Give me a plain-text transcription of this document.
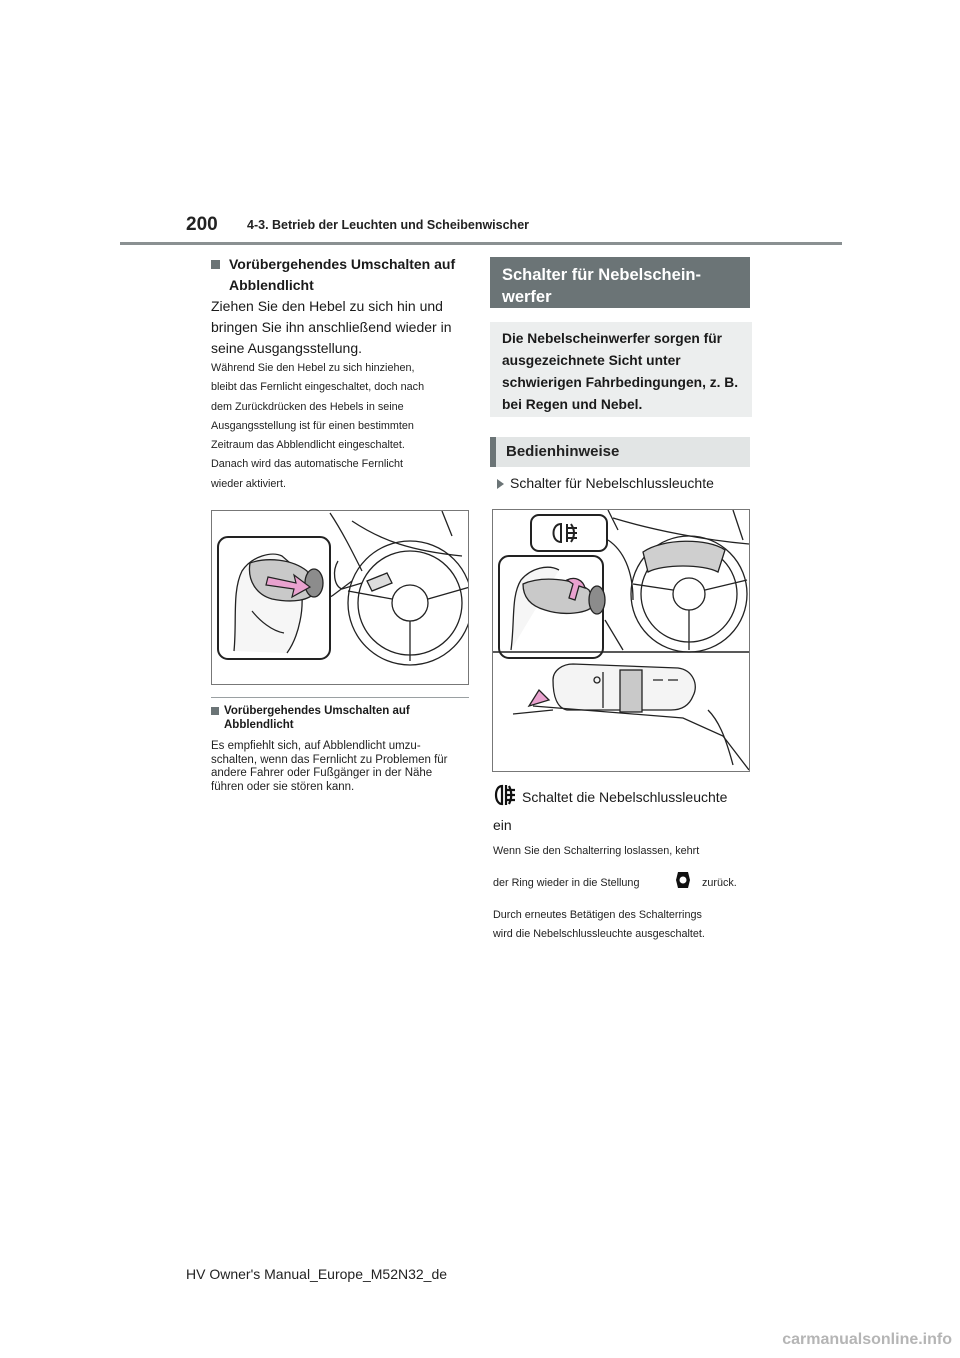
200 4-3. Betrieb der Leuchten und Scheibenwischer
Vorübergehendes Umschalten auf Abblendlicht
Ziehen Sie den Hebel zu sich hin und bringen Sie ihn anschließend wieder in seine Ausgangsstellung.
Während Sie den Hebel zu sich hinziehen,
bleibt das Fernlicht eingeschaltet, doch nach
dem Zurückdrücken des Hebels in seine
Ausgangsstellung ist für einen bestimmten
Zeitraum das Abblendlicht eingeschaltet.
Danach wird das automatische Fernlicht
wieder aktiviert.
Vorübergehendes Umschalten auf Abblendlicht
Es empfiehlt sich, auf Abblendlicht umzu-schalten, wenn das Fernlicht zu Problemen für andere Fahrer oder Fußgänger in der Nähe führen oder sie stören kann.
Schalter für Nebelschein-werfer
Die Nebelscheinwerfer sorgen für ausgezeichnete Sicht unter schwierigen Fahrbedingungen, z. B. bei Regen und Nebel.
Bedienhinweise
Schalter für Nebelschlussleuchte
Schaltet die Nebelschlussleuchte
ein
Wenn Sie den Schalterring loslassen, kehrt
der Ring wieder in die Stellung	zurück.
Durch erneutes Betätigen des Schalterrings
wird die Nebelschlussleuchte ausgeschaltet.
HV Owner's Manual_Europe_M52N32_de
carmanualsonline.info
